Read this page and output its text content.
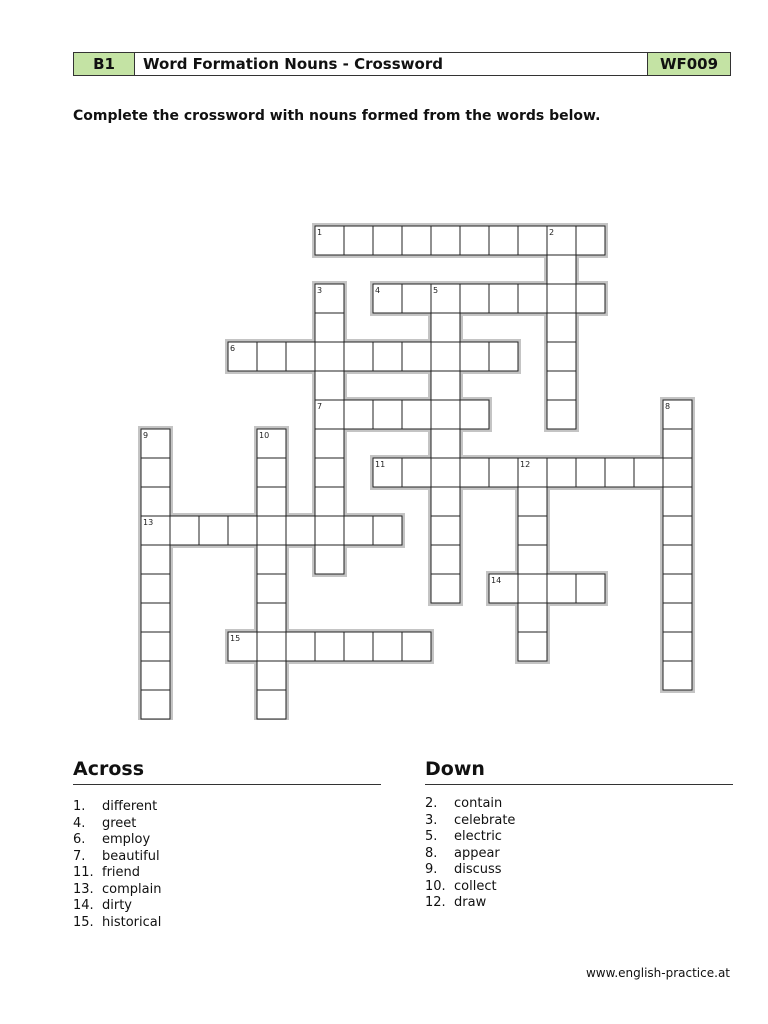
B1	Word Formation Nouns - Crossword	WF009
Complete the crossword with nouns formed from the words below.
1	2
3	4	5
6
7	8
9	10
11	12
13
14
15
Across
1.	different
4.	greet
6.	employ
7.	beautiful
11. friend
13. complain
14. dirty
15. historical
Down
2.	contain
3.	celebrate
5.	electric
8.	appear
9.	discuss
10. collect
12. draw
www.english-practice.at
